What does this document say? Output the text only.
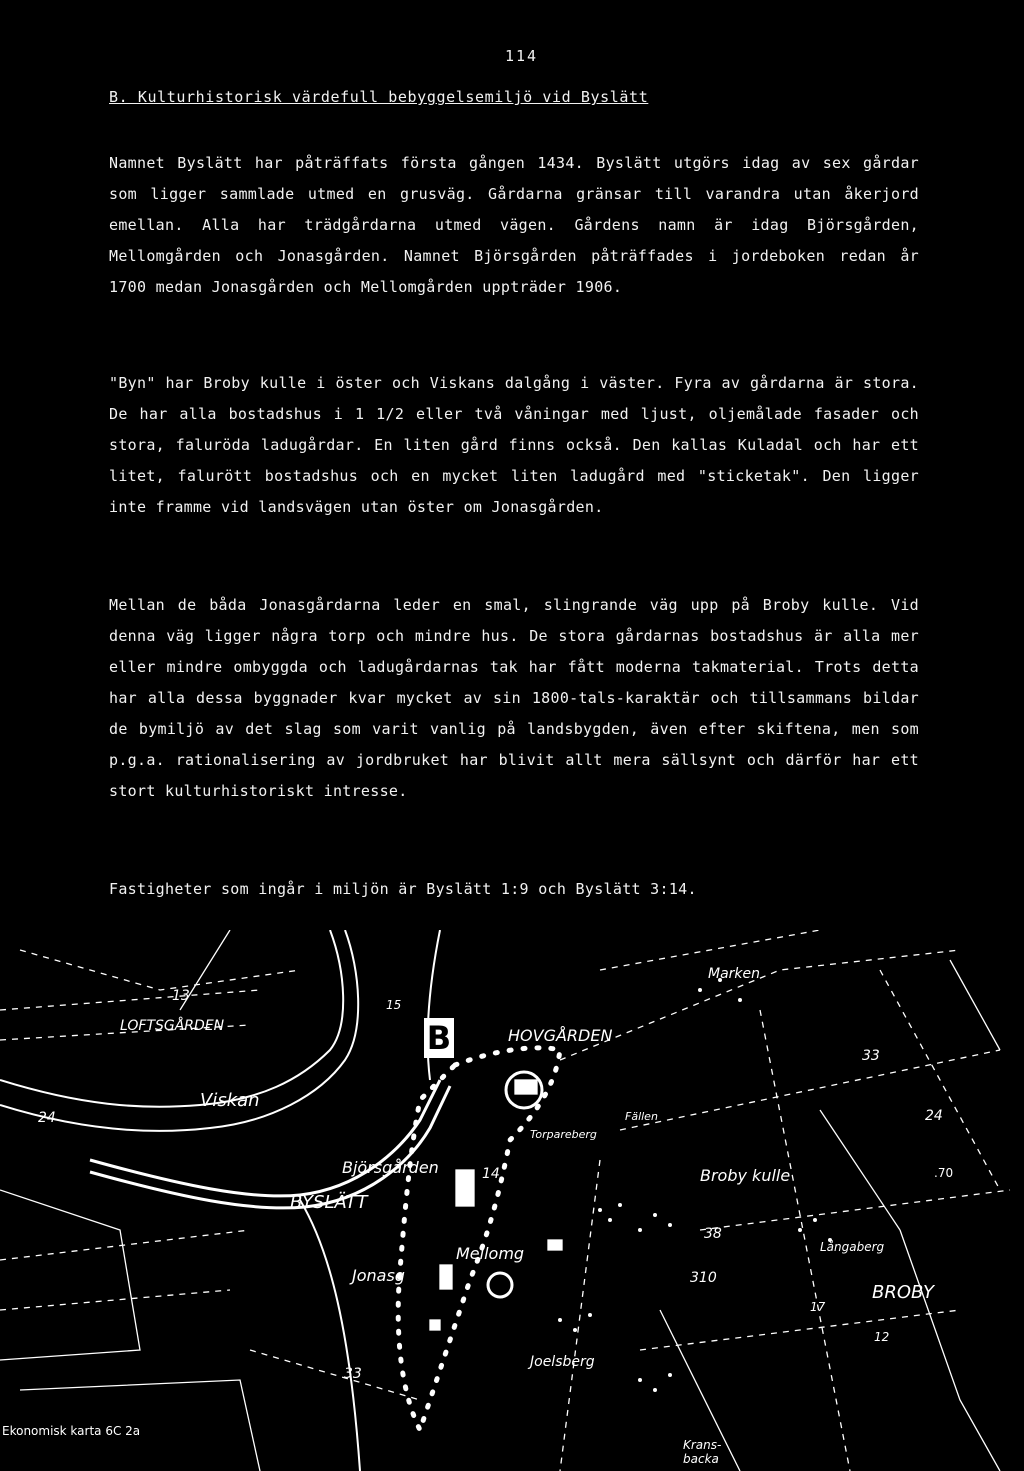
114
B. Kulturhistorisk värdefull bebyggelsemiljö vid Byslätt

Namnet Byslätt har påträffats första gången 1434. Byslätt utgörs idag av sex gårdar som ligger sammlade utmed en grusväg. Gårdarna gränsar till varandra utan åkerjord emellan. Alla har trädgårdarna utmed vägen. Gårdens namn är idag Björsgården, Mellomgården och Jonasgården. Namnet Björsgården påträffades i jordeboken redan år 1700 medan Jonasgården och Mellomgården uppträder 1906.

"Byn" har Broby kulle i öster och Viskans dalgång i väster. Fyra av gårdarna är stora. De har alla bostadshus i 1 1/2 eller två våningar med ljust, oljemålade fasader och stora, faluröda ladugårdar. En liten gård finns också. Den kallas Kuladal och har ett litet, falurött bostadshus och en mycket liten ladugård med "sticketak". Den ligger inte framme vid landsvägen utan öster om Jonasgården.

Mellan de båda Jonasgårdarna leder en smal, slingrande väg upp på Broby kulle. Vid denna väg ligger några torp och mindre hus. De stora gårdarnas bostadshus är alla mer eller mindre ombyggda och ladugårdarnas tak har fått moderna takmaterial. Trots detta har alla dessa byggnader kvar mycket av sin 1800-tals-karaktär och tillsammans bildar de bymiljö av det slag som varit vanlig på landsbygden, även efter skiftena, men som p.g.a. rationalisering av jordbruket har blivit allt mera sällsynt och därför har ett stort kulturhistoriskt intresse.

Fastigheter som ingår i miljön är Byslätt 1:9 och Byslätt 3:14.

B
LOFTSGÅRDEN
Viskan
HOVGÅRDEN
Marken
Fällen
Torpareberg
Björsgården
BYSLÄTT
Mellomg
Jonasg
Broby kulle
Långaberg
BROBY
Joelsberg
Krans-
backa
13
15
33
24
24
14
17
38
310
33
.70
12
Ekonomisk karta 6C 2a
